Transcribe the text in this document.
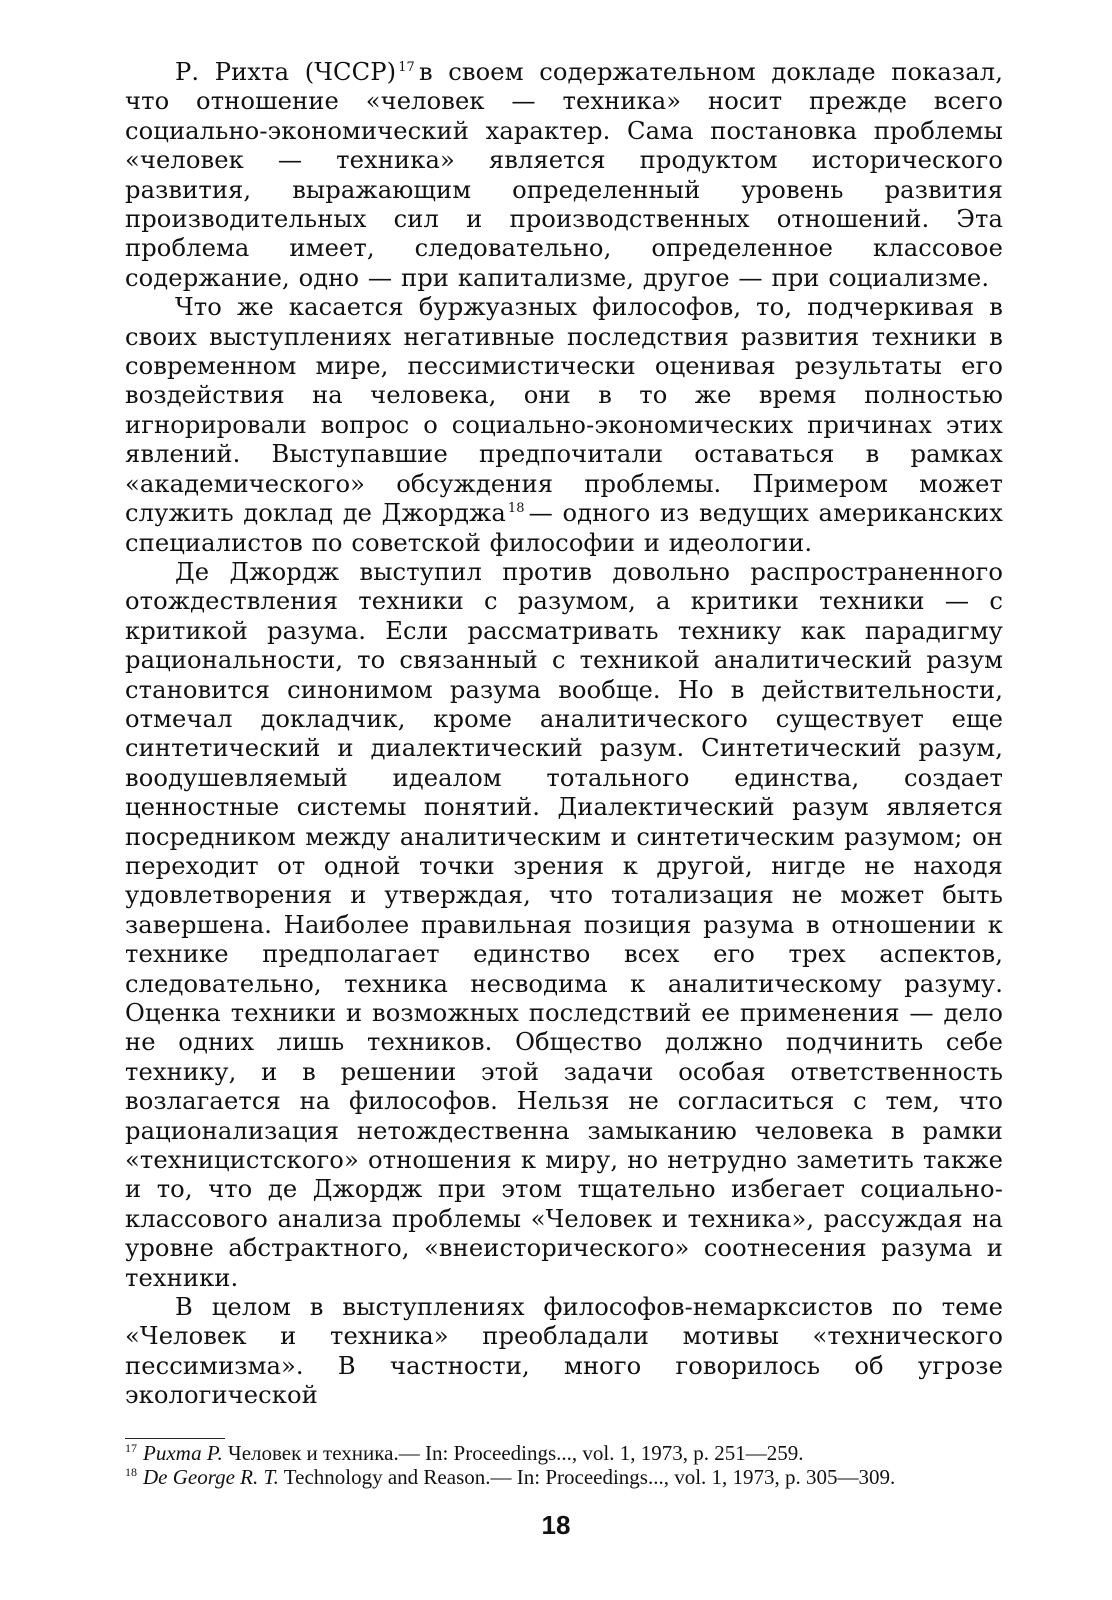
Р. Рихта (ЧССР) $^{17}$ в своем содержательном докладе показал, что отношение «человек — техника» носит прежде всего социально-экономический характер. Сама постановка проблемы «человек — техника» является продуктом исторического развития, выражающим определенный уровень развития производительных сил и производственных отношений. Эта проблема имеет, следовательно, определенное классовое содержание, одно — при капитализме, другое — при социализме.

Что же касается буржуазных философов, то, подчеркивая в своих выступлениях негативные последствия развития техники в современном мире, пессимистически оценивая результаты его воздействия на человека, они в то же время полностью игнорировали вопрос о социально-экономических причинах этих явлений. Выступавшие предпочитали оставаться в рамках «академического» обсуждения проблемы. Примером может служить доклад де Джорджа $^{18}$ — одного из ведущих американских специалистов по советской философии и идеологии.

Де Джордж выступил против довольно распространенного отождествления техники с разумом, а критики техники — с критикой разума. Если рассматривать технику как парадигму рациональности, то связанный с техникой аналитический разум становится синонимом разума вообще. Но в действительности, отмечал докладчик, кроме аналитического существует еще синтетический и диалектический разум. Синтетический разум, воодушевляемый идеалом тотального единства, создает ценностные системы понятий. Диалектический разум является посредником между аналитическим и синтетическим разумом; он переходит от одной точки зрения к другой, нигде не находя удовлетворения и утверждая, что тотализация не может быть завершена. Наиболее правильная позиция разума в отношении к технике предполагает единство всех его трех аспектов, следовательно, техника несводима к аналитическому разуму. Оценка техники и возможных последствий ее применения — дело не одних лишь техников. Общество должно подчинить себе технику, и в решении этой задачи особая ответственность возлагается на философов. Нельзя не согласиться с тем, что рационализация нетождественна замыканию человека в рамки «техницистского» отношения к миру, но нетрудно заметить также и то, что де Джордж при этом тщательно избегает социально-классового анализа проблемы «Человек и техника», рассуждая на уровне абстрактного, «внеисторического» соотнесения разума и техники.

В целом в выступлениях философов-немарксистов по теме «Человек и техника» преобладали мотивы «технического пессимизма». В частности, много говорилось об угрозе экологической

$^{17}$ Рихта Р. Человек и техника.— In: Proceedings..., vol. 1, 1973, p. 251—259.

$^{18}$ De George R. T. Technology and Reason.— In: Proceedings..., vol. 1, 1973, p. 305—309.

18
